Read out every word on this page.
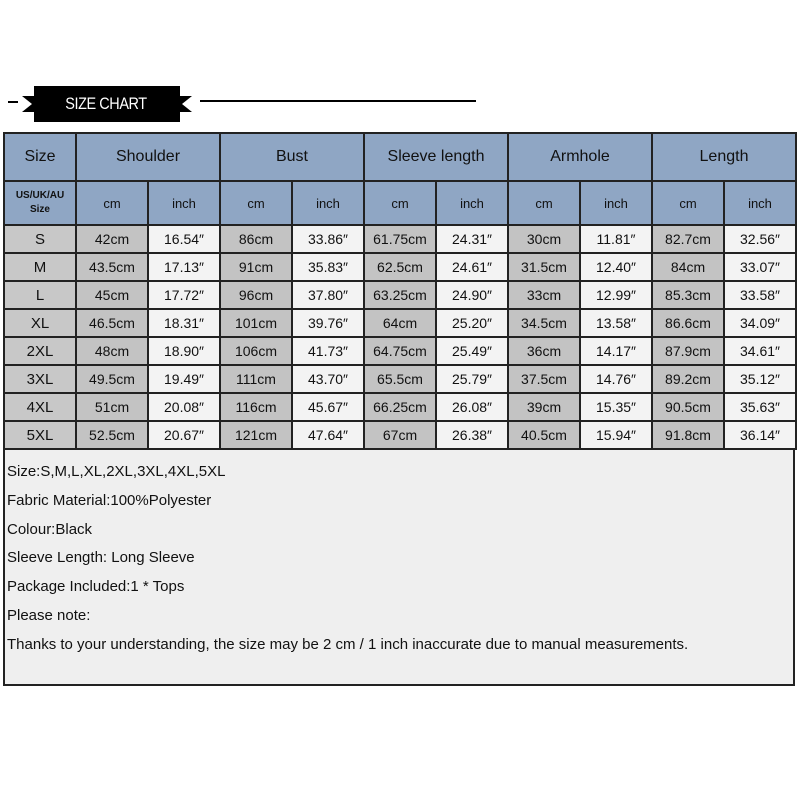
SIZE CHART
Size	Shoulder		Bust		Sleeve length		Armhole		Length	
US/UK/AU Size	cm	inch	cm	inch	cm	inch	cm	inch	cm	inch
S	42cm	16.54″	86cm	33.86″	61.75cm	24.31″	30cm	11.81″	82.7cm	32.56″
M	43.5cm	17.13″	91cm	35.83″	62.5cm	24.61″	31.5cm	12.40″	84cm	33.07″
L	45cm	17.72″	96cm	37.80″	63.25cm	24.90″	33cm	12.99″	85.3cm	33.58″
XL	46.5cm	18.31″	101cm	39.76″	64cm	25.20″	34.5cm	13.58″	86.6cm	34.09″
2XL	48cm	18.90″	106cm	41.73″	64.75cm	25.49″	36cm	14.17″	87.9cm	34.61″
3XL	49.5cm	19.49″	111cm	43.70″	65.5cm	25.79″	37.5cm	14.76″	89.2cm	35.12″
4XL	51cm	20.08″	116cm	45.67″	66.25cm	26.08″	39cm	15.35″	90.5cm	35.63″
5XL	52.5cm	20.67″	121cm	47.64″	67cm	26.38″	40.5cm	15.94″	91.8cm	36.14″
Size:S,M,L,XL,2XL,3XL,4XL,5XL
Fabric Material:100%Polyester
Colour:Black
Sleeve Length: Long Sleeve
Package Included:1 * Tops
Please note:
Thanks to your understanding, the size may be 2 cm / 1 inch inaccurate due to manual measurements.
